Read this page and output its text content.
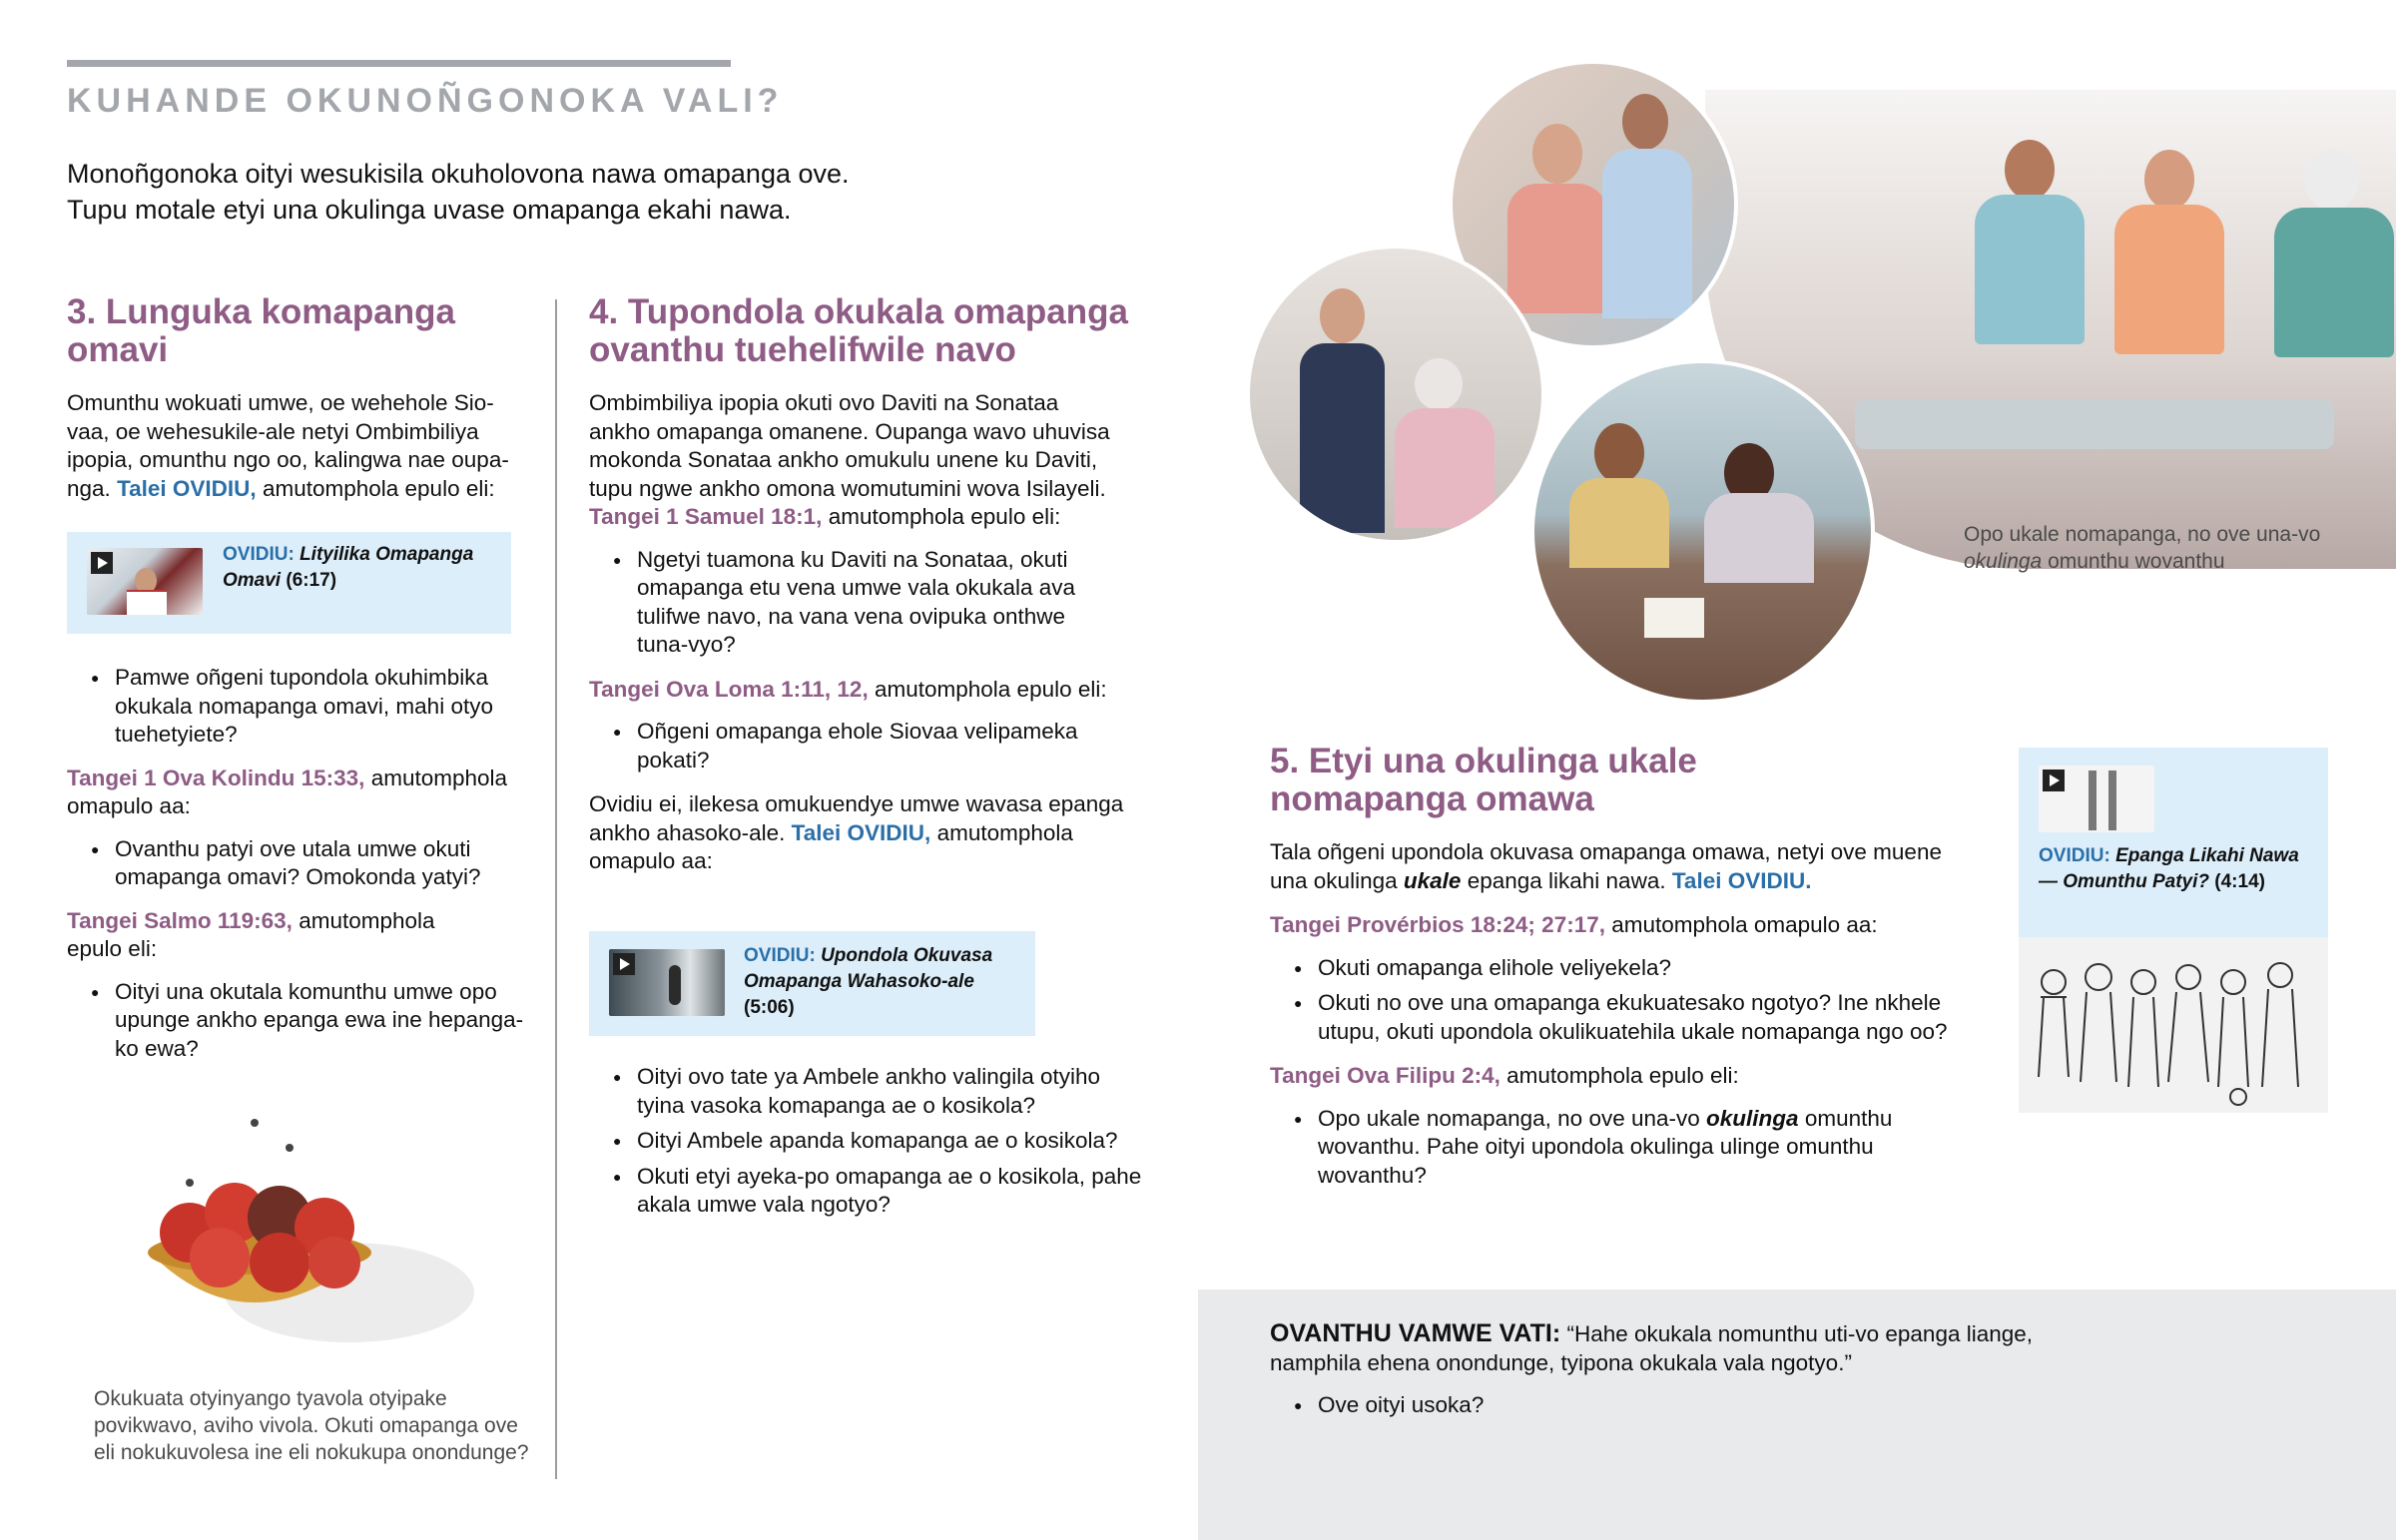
KUHANDE OKUNOÑGONOKA VALI?
Monoñgonoka oityi wesukisila okuholovona nawa omapanga ove.
Tupu motale etyi una okulinga uvase omapanga ekahi nawa.
3. Lunguka komapanga
omavi
Omunthu wokuati umwe, oe wehehole Sio-
vaa, oe wehesukile-ale netyi Ombimbiliya
ipopia, omunthu ngo oo, kalingwa nae oupa-
nga. Talei OVIDIU, amutomphola epulo eli:
OVIDIU: Lityilika Omapanga Omavi (6:17)
● Pamwe oñgeni tupondola okuhimbika okukala nomapanga omavi, mahi otyo tuehetyiete?
Tangei 1 Ova Kolindu 15:33, amutomphola
omapulo aa:
● Ovanthu patyi ove utala umwe okuti omapanga omavi? Omokonda yatyi?
Tangei Salmo 119:63, amutomphola
epulo eli:
● Oityi una okutala komunthu umwe opo upunge ankho epanga ewa ine hepanga-ko ewa?
Okukuata otyinyango tyavola otyipake
povikwavo, aviho vivola. Okuti omapanga ove
eli nokukuvolesa ine eli nokukupa onondunge?
4. Tupondola okukala omapanga
ovanthu tuehelifwile navo
Ombimbiliya ipopia okuti ovo Daviti na Sonataa
ankho omapanga omanene. Oupanga wavo uhuvisa
mokonda Sonataa ankho omukulu unene ku Daviti,
tupu ngwe ankho omona womutumini wova Isilayeli.
Tangei 1 Samuel 18:1, amutomphola epulo eli:
● Ngetyi tuamona ku Daviti na Sonataa, okuti omapanga etu vena umwe vala okukala ava tulifwe navo, na vana vena ovipuka onthwe tuna-vyo?
Tangei Ova Loma 1:11, 12, amutomphola epulo eli:
● Oñgeni omapanga ehole Siovaa velipameka pokati?
Ovidiu ei, ilekesa omukuendye umwe wavasa epanga
ankho ahasoko-ale. Talei OVIDIU, amutomphola
omapulo aa:
OVIDIU: Upondola Okuvasa
Omapanga Wahasoko-ale
(5:06)
● Oityi ovo tate ya Ambele ankho valingila otyiho tyina vasoka komapanga ae o kosikola?
● Oityi Ambele apanda komapanga ae o kosikola?
● Okuti etyi ayeka-po omapanga ae o kosikola, pahe akala umwe vala ngotyo?
Opo ukale nomapanga, no ove una-vo
okulinga omunthu wovanthu
5. Etyi una okulinga ukale
nomapanga omawa
Tala oñgeni upondola okuvasa omapanga omawa, netyi ove muene
una okulinga ukale epanga likahi nawa. Talei OVIDIU.
Tangei Provérbios 18:24; 27:17, amutomphola omapulo aa:
● Okuti omapanga elihole veliyekela?
● Okuti no ove una omapanga ekukuatesako ngotyo? Ine nkhele utupu, okuti upondola okulikuatehila ukale nomapanga ngo oo?
Tangei Ova Filipu 2:4, amutomphola epulo eli:
● Opo ukale nomapanga, no ove una-vo okulinga omunthu wovanthu. Pahe oityi upondola okulinga ulinge omunthu wovanthu?
OVIDIU: Epanga Likahi Nawa — Omunthu Patyi? (4:14)
OVANTHU VAMWE VATI: “Hahe okukala nomunthu uti-vo epanga liange,
namphila ehena onondunge, tyipona okukala vala ngotyo.”
● Ove oityi usoka?
